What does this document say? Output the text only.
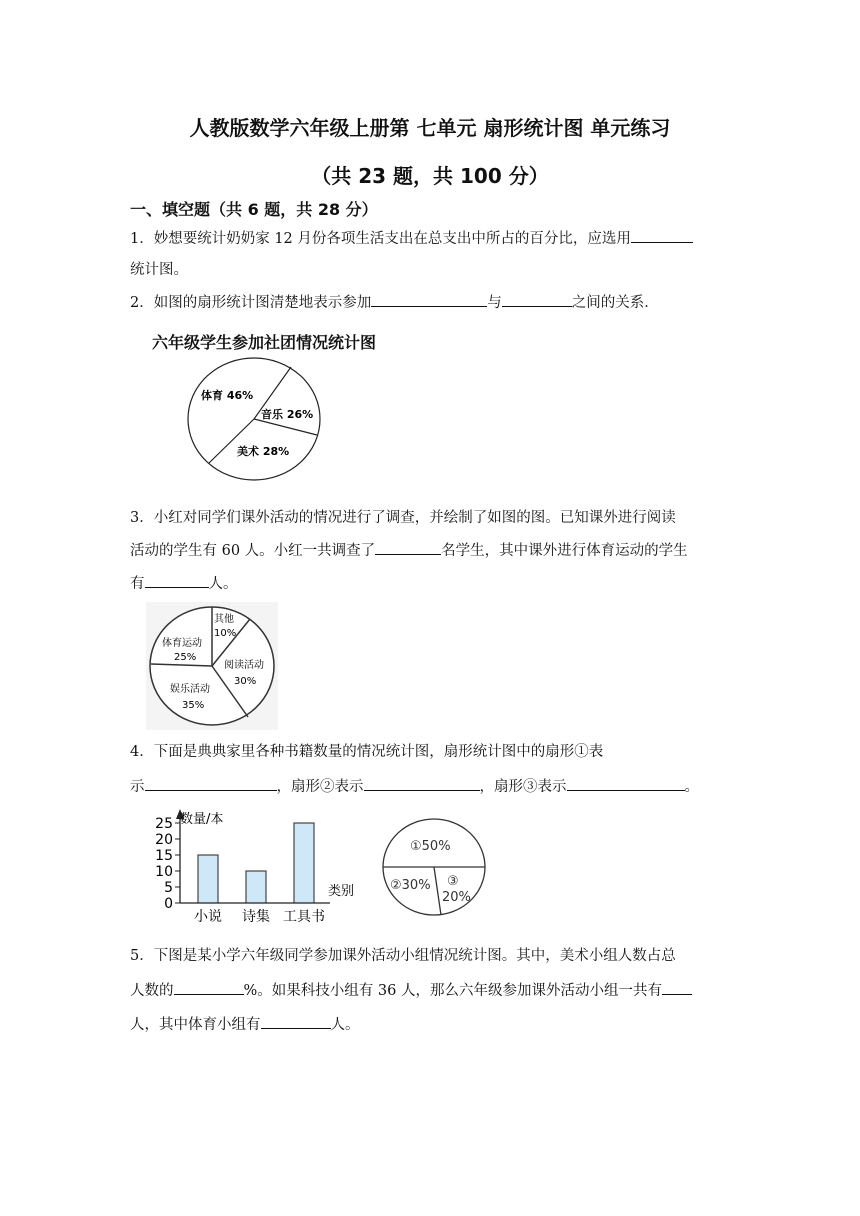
人教版数学六年级上册第 七单元 扇形统计图 单元练习
（共 23 题，共 100 分）
一、填空题（共 6 题，共 28 分）
1．妙想要统计奶奶家 12 月份各项生活支出在总支出中所占的百分比，应选用
统计图。
2．如图的扇形统计图清楚地表示参加	与	之间的关系．
六年级学生参加社团情况统计图
体育 46%
音乐 26%
美术 28%
3．小红对同学们课外活动的情况进行了调查，并绘制了如图的图。已知课外进行阅读
活动的学生有 60 人。小红一共调查了	名学生，其中课外进行体育运动的学生
有	人。
其他
10%
体育运动
25%
阅读活动
30%
娱乐活动
35%
4．下面是典典家里各种书籍数量的情况统计图，扇形统计图中的扇形①表
示	，扇形②表示	，扇形③表示	。
0
5
10
15
20
25
小说 诗集 工具书
数量/本
类别
①50%
②30% ③
20%
5．下图是某小学六年级同学参加课外活动小组情况统计图。其中，美术小组人数占总
人数的	%。如果科技小组有 36 人，那么六年级参加课外活动小组一共有
人，其中体育小组有	人。
